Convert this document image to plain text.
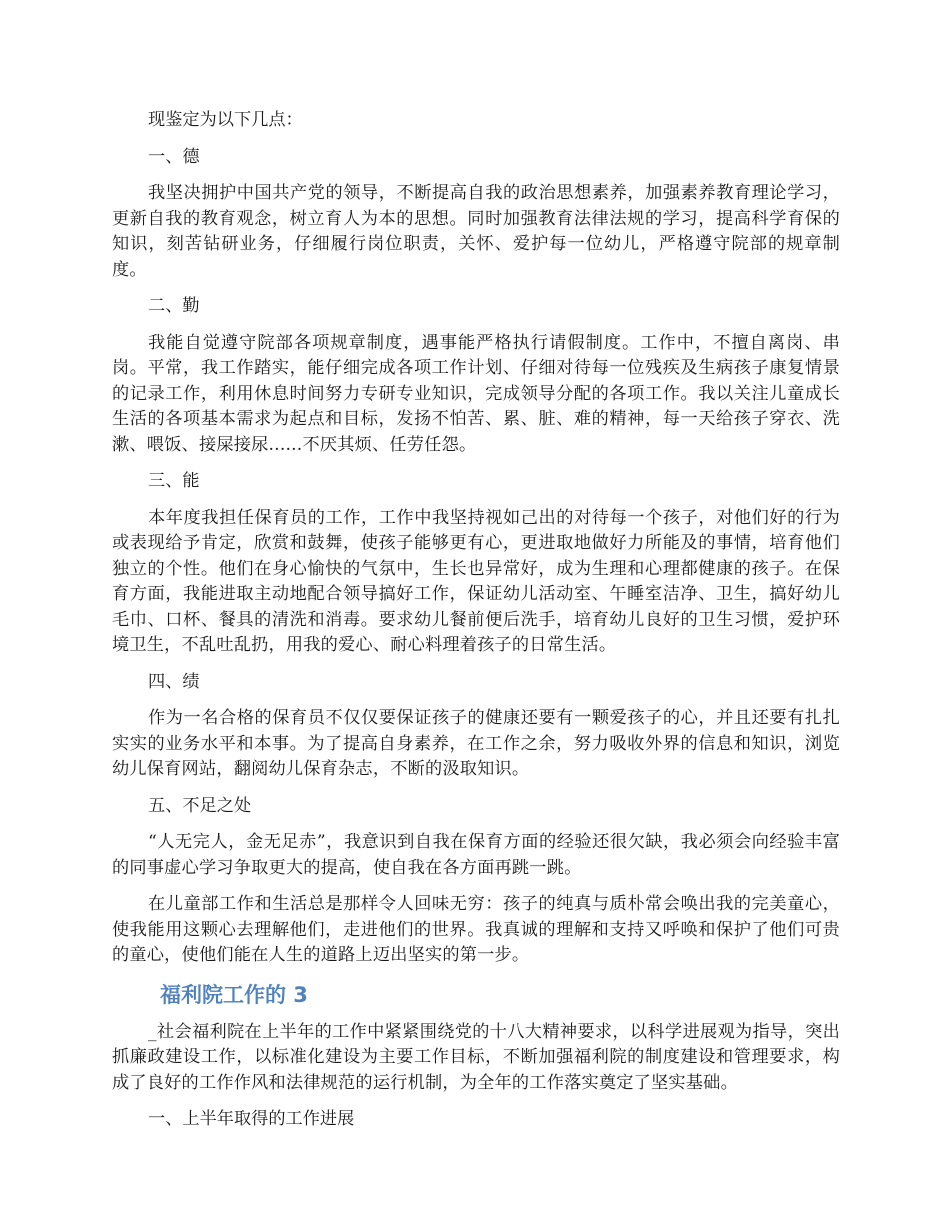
现鉴定为以下几点：

一、德

我坚决拥护中国共产党的领导，不断提高自我的政治思想素养，加强素养教育理论学习，更新自我的教育观念，树立育人为本的思想。同时加强教育法律法规的学习，提高科学育保的知识，刻苦钻研业务，仔细履行岗位职责，关怀、爱护每一位幼儿，严格遵守院部的规章制度。

二、勤

我能自觉遵守院部各项规章制度，遇事能严格执行请假制度。工作中，不擅自离岗、串岗。平常，我工作踏实，能仔细完成各项工作计划、仔细对待每一位残疾及生病孩子康复情景的记录工作，利用休息时间努力专研专业知识，完成领导分配的各项工作。我以关注儿童成长生活的各项基本需求为起点和目标，发扬不怕苦、累、脏、难的精神，每一天给孩子穿衣、洗漱、喂饭、接屎接尿......不厌其烦、任劳任怨。

三、能

本年度我担任保育员的工作，工作中我坚持视如己出的对待每一个孩子，对他们好的行为或表现给予肯定，欣赏和鼓舞，使孩子能够更有心，更进取地做好力所能及的事情，培育他们独立的个性。他们在身心愉快的气氛中，生长也异常好，成为生理和心理都健康的孩子。在保育方面，我能进取主动地配合领导搞好工作，保证幼儿活动室、午睡室洁净、卫生，搞好幼儿毛巾、口杯、餐具的清洗和消毒。要求幼儿餐前便后洗手，培育幼儿良好的卫生习惯，爱护环境卫生，不乱吐乱扔，用我的爱心、耐心料理着孩子的日常生活。

四、绩

作为一名合格的保育员不仅仅要保证孩子的健康还要有一颗爱孩子的心，并且还要有扎扎实实的业务水平和本事。为了提高自身素养，在工作之余，努力吸收外界的信息和知识，浏览幼儿保育网站，翻阅幼儿保育杂志，不断的汲取知识。

五、不足之处

“人无完人，金无足赤”，我意识到自我在保育方面的经验还很欠缺，我必须会向经验丰富的同事虚心学习争取更大的提高，使自我在各方面再跳一跳。

在儿童部工作和生活总是那样令人回味无穷：孩子的纯真与质朴常会唤出我的完美童心，使我能用这颗心去理解他们，走进他们的世界。我真诚的理解和支持又呼唤和保护了他们可贵的童心，使他们能在人生的道路上迈出坚实的第一步。

福利院工作的 3

_社会福利院在上半年的工作中紧紧围绕党的十八大精神要求，以科学进展观为指导，突出抓廉政建设工作，以标准化建设为主要工作目标，不断加强福利院的制度建设和管理要求，构成了良好的工作作风和法律规范的运行机制，为全年的工作落实奠定了坚实基础。

一、上半年取得的工作进展
